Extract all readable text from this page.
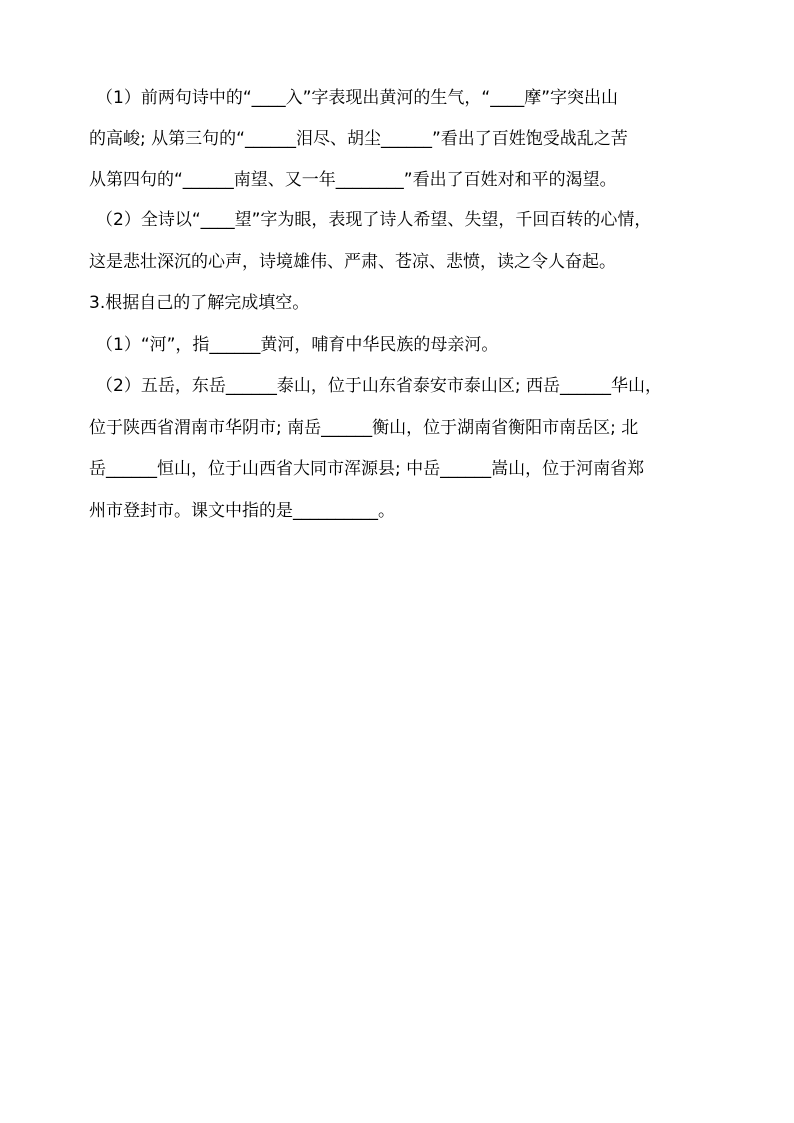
（1）前两句诗中的“____入”字表现出黄河的生气，“____摩”字突出山

的高峻; 从第三句的“______泪尽、胡尘______”看出了百姓饱受战乱之苦

从第四句的“______南望、又一年________”看出了百姓对和平的渴望。

（2）全诗以“____望”字为眼，表现了诗人希望、失望，千回百转的心情，

这是悲壮深沉的心声，诗境雄伟、严肃、苍凉、悲愤，读之令人奋起。

3.根据自己的了解完成填空。

（1）“河”，指______黄河，哺育中华民族的母亲河。

（2）五岳，东岳______泰山，位于山东省泰安市泰山区; 西岳______华山，

位于陕西省渭南市华阴市; 南岳______衡山，位于湖南省衡阳市南岳区; 北

岳______恒山，位于山西省大同市浑源县; 中岳______嵩山，位于河南省郑

州市登封市。课文中指的是__________。
